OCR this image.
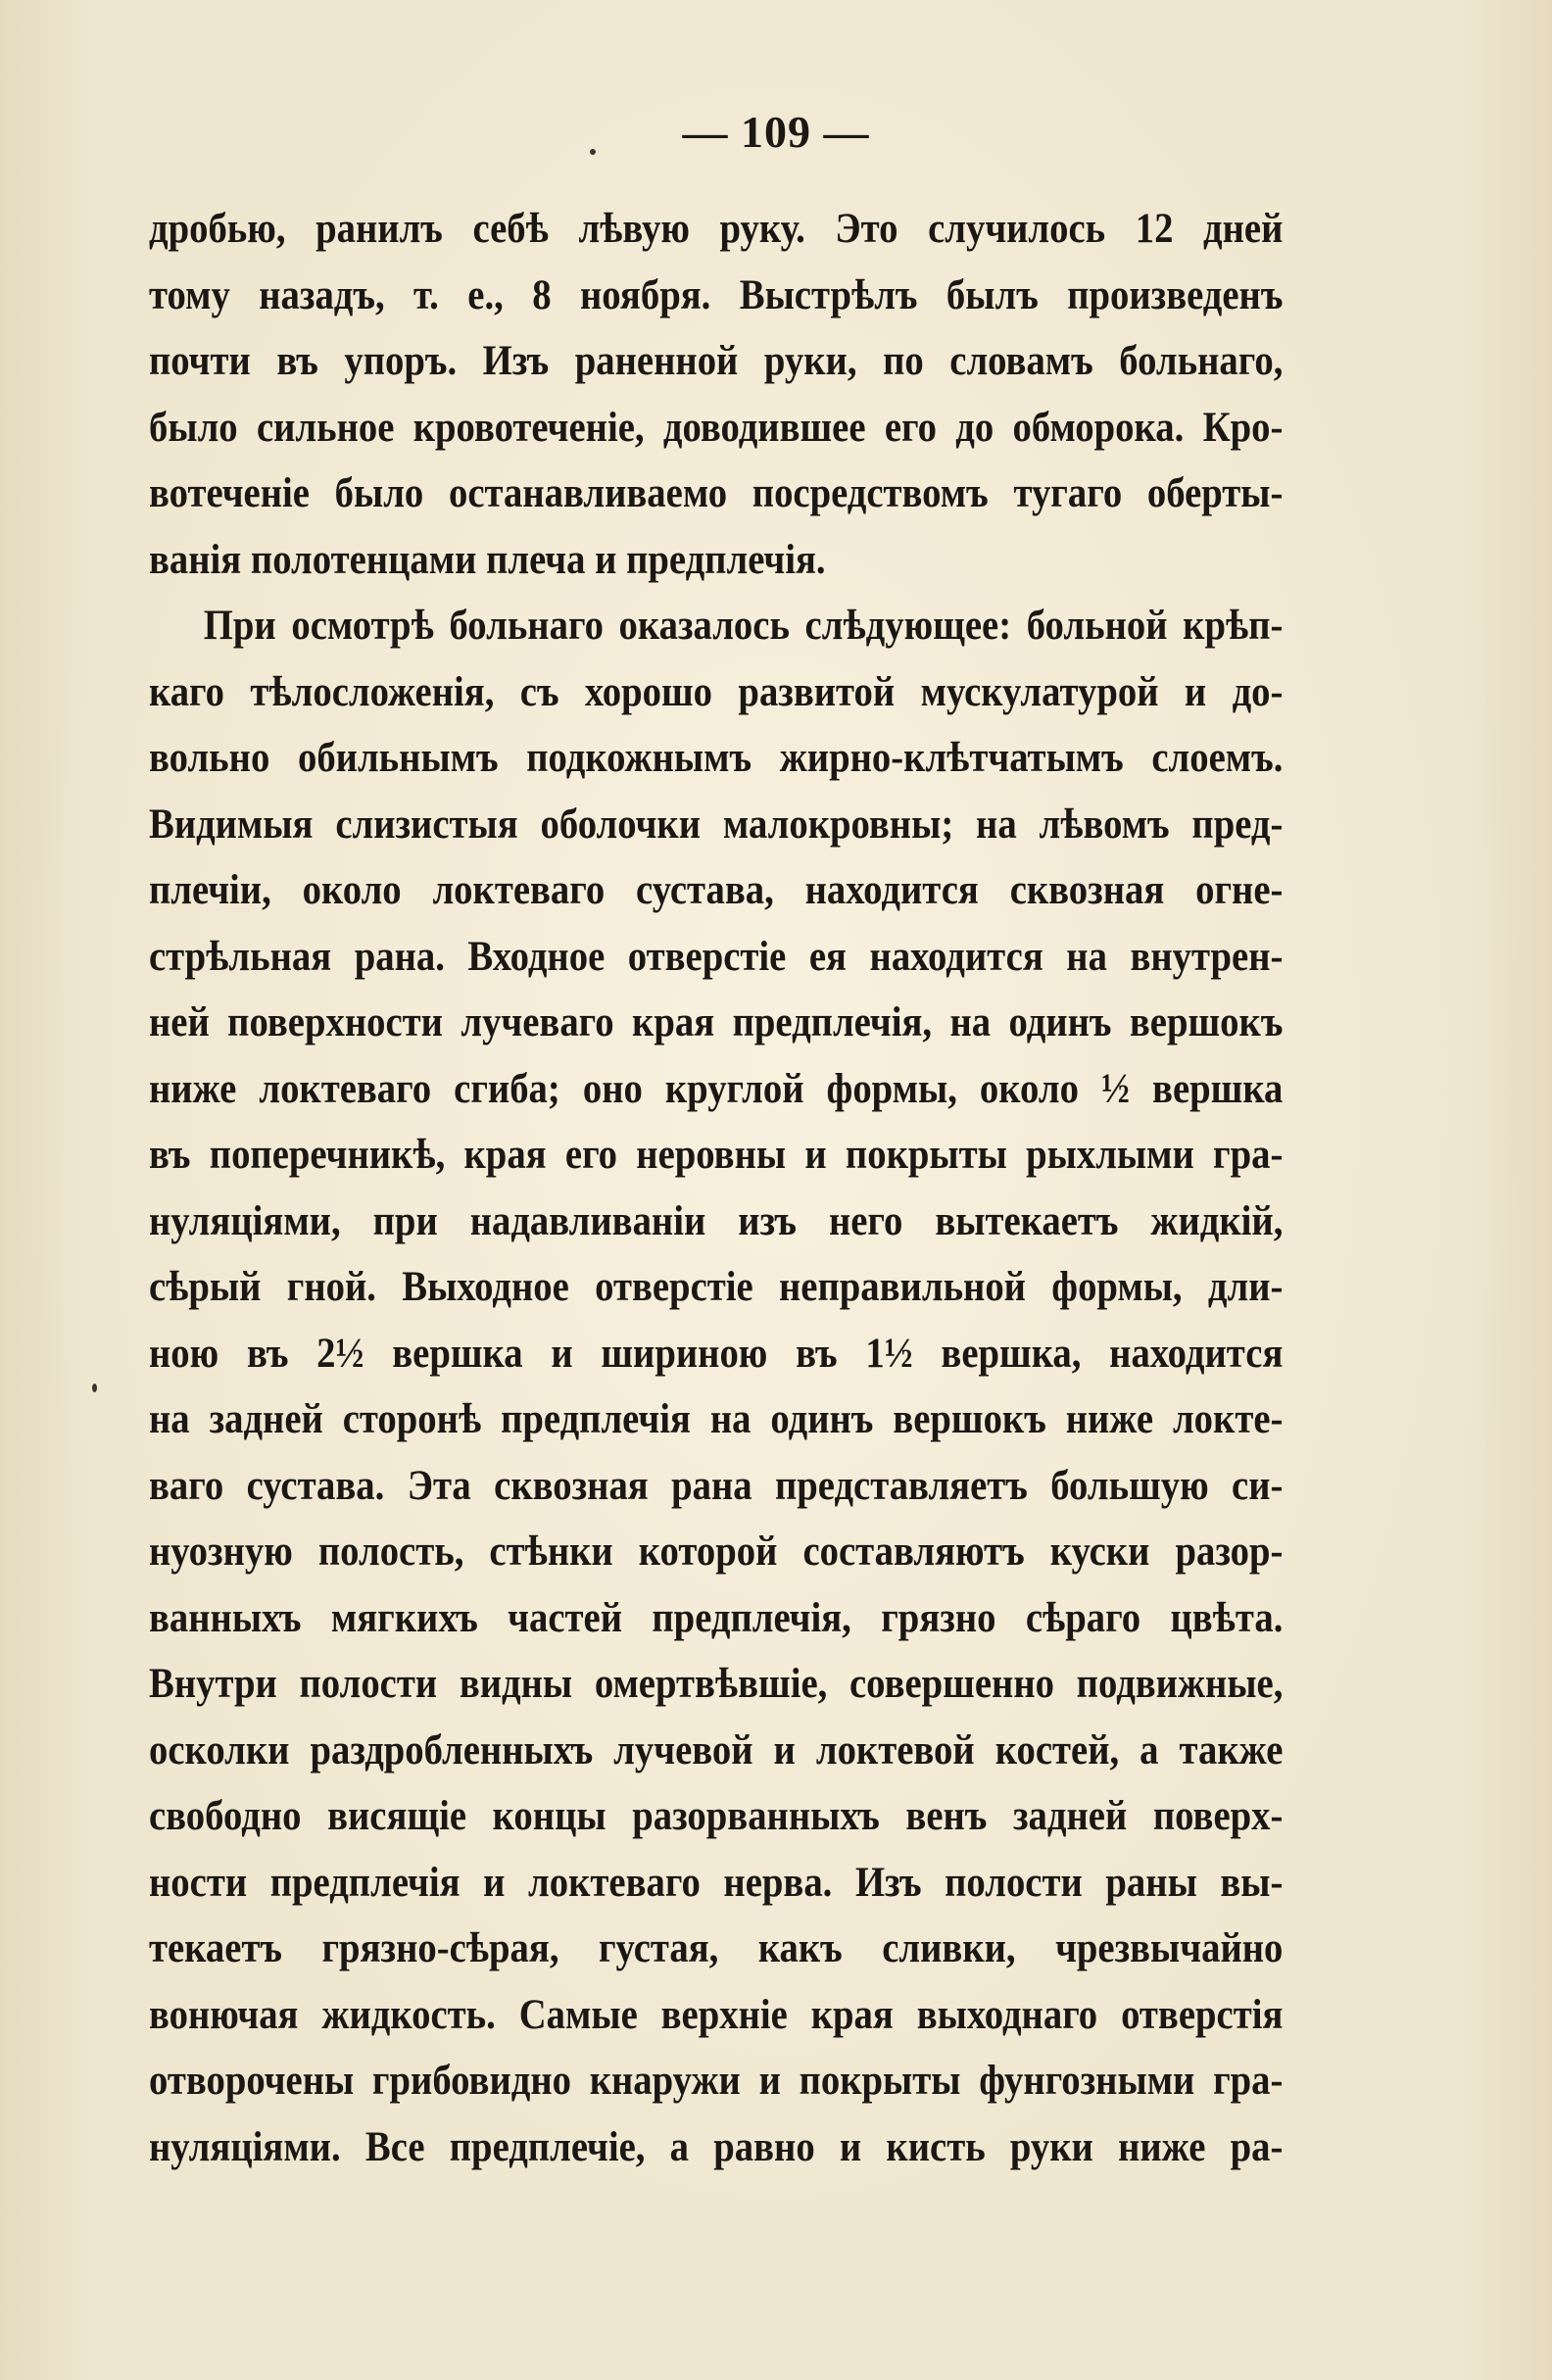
— 109 —
дробью, ранилъ себѣ лѣвую руку. Это случилось 12 дней
тому назадъ, т. е., 8 ноября. Выстрѣлъ былъ произведенъ
почти въ упоръ. Изъ раненной руки, по словамъ больнаго,
было сильное кровотеченіе, доводившее его до обморока. Кро-
вотеченіе было останавливаемо посредствомъ тугаго оберты-
ванія полотенцами плеча и предплечія.
При осмотрѣ больнаго оказалось слѣдующее: больной крѣп-
каго тѣлосложенія, съ хорошо развитой мускулатурой и до-
вольно обильнымъ подкожнымъ жирно-клѣтчатымъ слоемъ.
Видимыя слизистыя оболочки малокровны; на лѣвомъ пред-
плечіи, около локтеваго сустава, находится сквозная огне-
стрѣльная рана. Входное отверстіе ея находится на внутрен-
ней поверхности лучеваго края предплечія, на одинъ вершокъ
ниже локтеваго сгиба; оно круглой формы, около ½ вершка
въ поперечникѣ, края его неровны и покрыты рыхлыми гра-
нуляціями, при надавливаніи изъ него вытекаетъ жидкій,
сѣрый гной. Выходное отверстіе неправильной формы, дли-
ною въ 2½ вершка и шириною въ 1½ вершка, находится
на задней сторонѣ предплечія на одинъ вершокъ ниже локте-
ваго сустава. Эта сквозная рана представляетъ большую си-
нуозную полость, стѣнки которой составляютъ куски разор-
ванныхъ мягкихъ частей предплечія, грязно сѣраго цвѣта.
Внутри полости видны омертвѣвшіе, совершенно подвижные,
осколки раздробленныхъ лучевой и локтевой костей, а также
свободно висящіе концы разорванныхъ венъ задней поверх-
ности предплечія и локтеваго нерва. Изъ полости раны вы-
текаетъ грязно-сѣрая, густая, какъ сливки, чрезвычайно
вонючая жидкость. Самые верхніе края выходнаго отверстія
отворочены грибовидно кнаружи и покрыты фунгозными гра-
нуляціями. Все предплечіе, а равно и кисть руки ниже ра-
